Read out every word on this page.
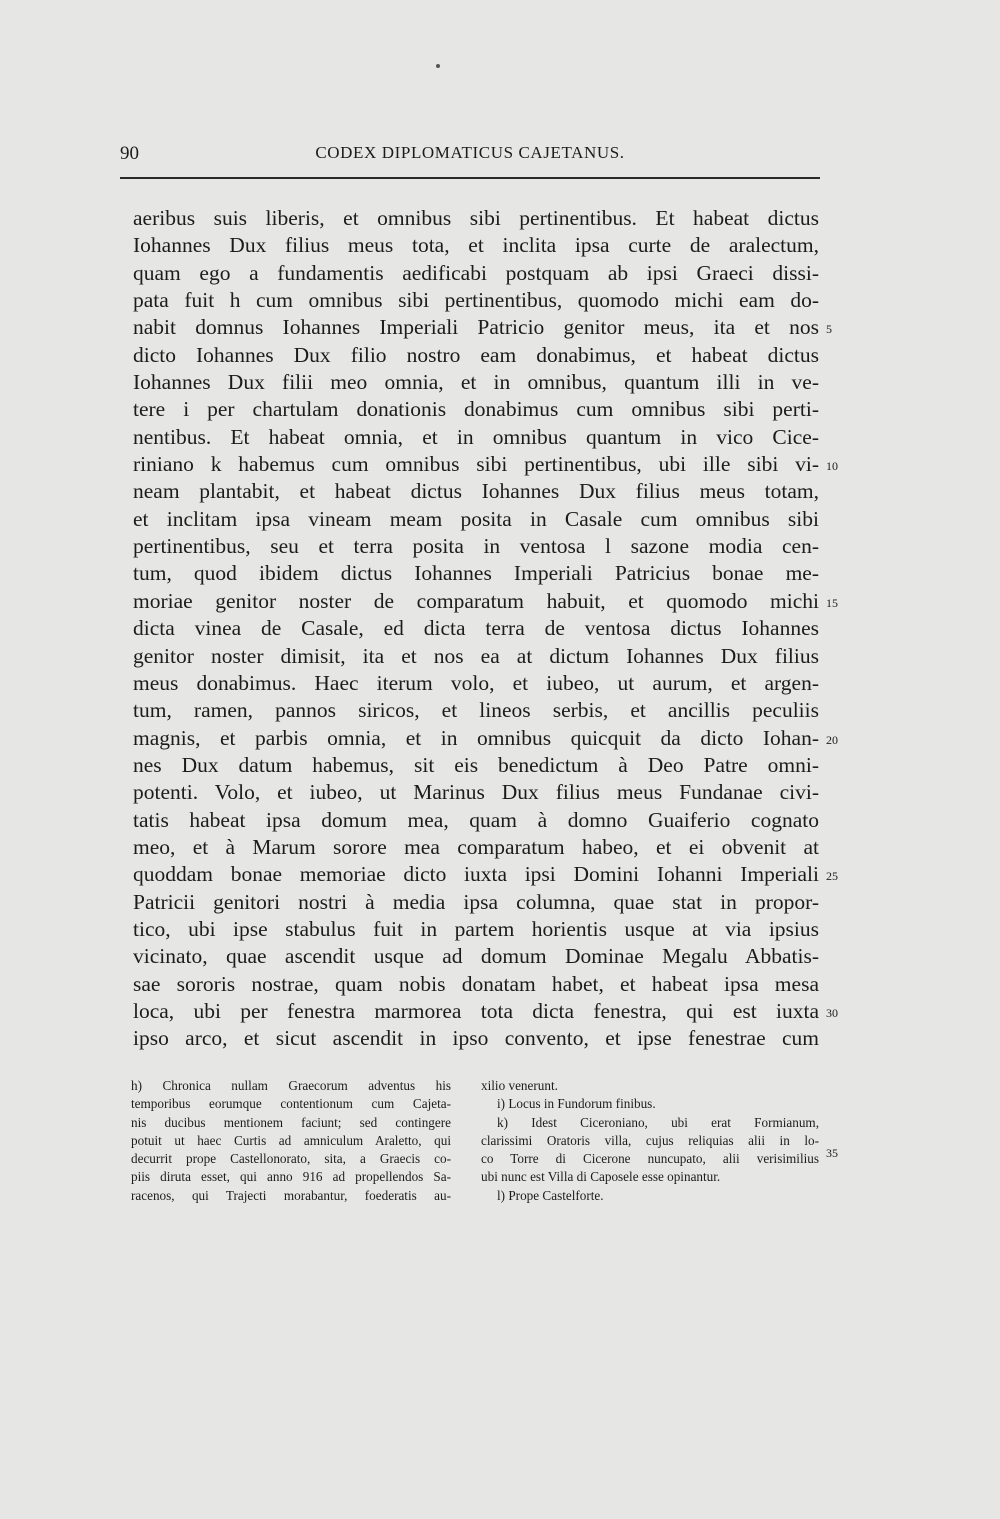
90	CODEX DIPLOMATICUS CAJETANUS.
aeribus suis liberis, et omnibus sibi pertinentibus. Et habeat dictus
Iohannes Dux filius meus tota, et inclita ipsa curte de aralectum,
quam ego a fundamentis aedificabi postquam ab ipsi Graeci dissi-
pata fuit h cum omnibus sibi pertinentibus, quomodo michi eam do-
nabit domnus Iohannes Imperiali Patricio genitor meus, ita et nos
dicto Iohannes Dux filio nostro eam donabimus, et habeat dictus
Iohannes Dux filii meo omnia, et in omnibus, quantum illi in ve-
tere i per chartulam donationis donabimus cum omnibus sibi perti-
nentibus. Et habeat omnia, et in omnibus quantum in vico Cice-
riniano k habemus cum omnibus sibi pertinentibus, ubi ille sibi vi-
neam plantabit, et habeat dictus Iohannes Dux filius meus totam,
et inclitam ipsa vineam meam posita in Casale cum omnibus sibi
pertinentibus, seu et terra posita in ventosa l sazone modia cen-
tum, quod ibidem dictus Iohannes Imperiali Patricius bonae me-
moriae genitor noster de comparatum habuit, et quomodo michi
dicta vinea de Casale, ed dicta terra de ventosa dictus Iohannes
genitor noster dimisit, ita et nos ea at dictum Iohannes Dux filius
meus donabimus. Haec iterum volo, et iubeo, ut aurum, et argen-
tum, ramen, pannos siricos, et lineos serbis, et ancillis peculiis
magnis, et parbis omnia, et in omnibus quicquit da dicto Iohan-
nes Dux datum habemus, sit eis benedictum à Deo Patre omni-
potenti. Volo, et iubeo, ut Marinus Dux filius meus Fundanae civi-
tatis habeat ipsa domum mea, quam à domno Guaiferio cognato
meo, et à Marum sorore mea comparatum habeo, et ei obvenit at
quoddam bonae memoriae dicto iuxta ipsi Domini Iohanni Imperiali
Patricii genitori nostri à media ipsa columna, quae stat in propor-
tico, ubi ipse stabulus fuit in partem horientis usque at via ipsius
vicinato, quae ascendit usque ad domum Dominae Megalu Abbatis-
sae sororis nostrae, quam nobis donatam habet, et habeat ipsa mesa
loca, ubi per fenestra marmorea tota dicta fenestra, qui est iuxta
ipso arco, et sicut ascendit in ipso convento, et ipse fenestrae cum
5
10
15
20
25
30
h) Chronica nullam Graecorum adventus his
temporibus eorumque contentionum cum Cajeta-
nis ducibus mentionem faciunt; sed contingere
potuit ut haec Curtis ad amniculum Araletto, qui
decurrit prope Castellonorato, sita, a Graecis co-
piis diruta esset, qui anno 916 ad propellendos Sa-
racenos, qui Trajecti morabantur, foederatis au-
xilio venerunt.
i) Locus in Fundorum finibus.
k) Idest Ciceroniano, ubi erat Formianum,
clarissimi Oratoris villa, cujus reliquias alii in lo-
co Torre di Cicerone nuncupato, alii verisimilius
ubi nunc est Villa di Caposele esse opinantur.
l) Prope Castelforte.
35
